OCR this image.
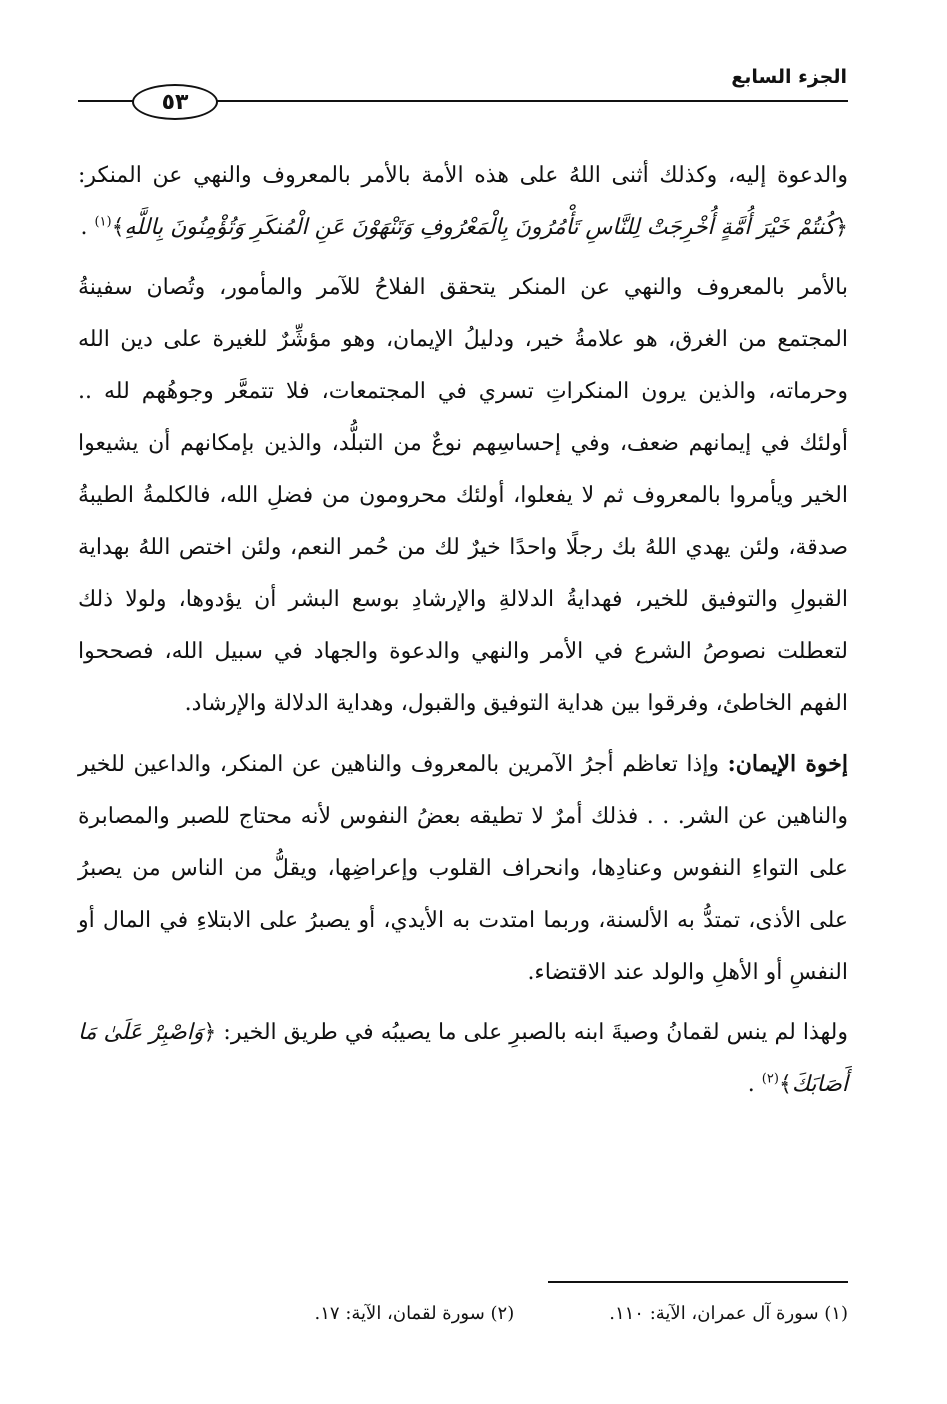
الجزء السابع
٥٣

والدعوة إليه، وكذلك أثنى اللهُ على هذه الأمة بالأمر بالمعروف والنهي عن المنكر: ﴿كُنتُمْ خَيْرَ أُمَّةٍ أُخْرِجَتْ لِلنَّاسِ تَأْمُرُونَ بِالْمَعْرُوفِ وَتَنْهَوْنَ عَنِ الْمُنكَرِ وَتُؤْمِنُونَ بِاللَّهِ﴾$^{(١)}$ .

بالأمر بالمعروف والنهي عن المنكر يتحقق الفلاحُ للآمر والمأمور، وتُصان سفينةُ المجتمع من الغرق، هو علامةُ خير، ودليلُ الإيمان، وهو مؤشِّرٌ للغيرة على دين الله وحرماته، والذين يرون المنكراتِ تسري في المجتمعات، فلا تتمعَّر وجوهُهم لله .. أولئك في إيمانهم ضعف، وفي إحساسِهم نوعٌ من التبلُّد، والذين بإمكانهم أن يشيعوا الخير ويأمروا بالمعروف ثم لا يفعلوا، أولئك محرومون من فضلِ الله، فالكلمةُ الطيبةُ صدقة، ولئن يهدي اللهُ بك رجلًا واحدًا خيرٌ لك من حُمر النعم، ولئن اختص اللهُ بهداية القبولِ والتوفيق للخير، فهدايةُ الدلالةِ والإرشادِ بوسع البشر أن يؤدوها، ولولا ذلك لتعطلت نصوصُ الشرع في الأمر والنهي والدعوة والجهاد في سبيل الله، فصححوا الفهم الخاطئ، وفرقوا بين هداية التوفيق والقبول، وهداية الدلالة والإرشاد.

إخوة الإيمان: وإذا تعاظم أجرُ الآمرين بالمعروف والناهين عن المنكر، والداعين للخير والناهين عن الشر. . . فذلك أمرٌ لا تطيقه بعضُ النفوس لأنه محتاج للصبر والمصابرة على التواءِ النفوس وعنادِها، وانحراف القلوب وإعراضِها، ويقلُّ من الناس من يصبرُ على الأذى، تمتدُّ به الألسنة، وربما امتدت به الأيدي، أو يصبرُ على الابتلاءِ في المال أو النفسِ أو الأهلِ والولد عند الاقتضاء.

ولهذا لم ينس لقمانُ وصيةَ ابنه بالصبرِ على ما يصيبُه في طريق الخير: ﴿وَاصْبِرْ عَلَىٰ مَا أَصَابَكَ﴾$^{(٢)}$ .

(١) سورة آل عمران، الآية: ١١٠.
(٢) سورة لقمان، الآية: ١٧.
